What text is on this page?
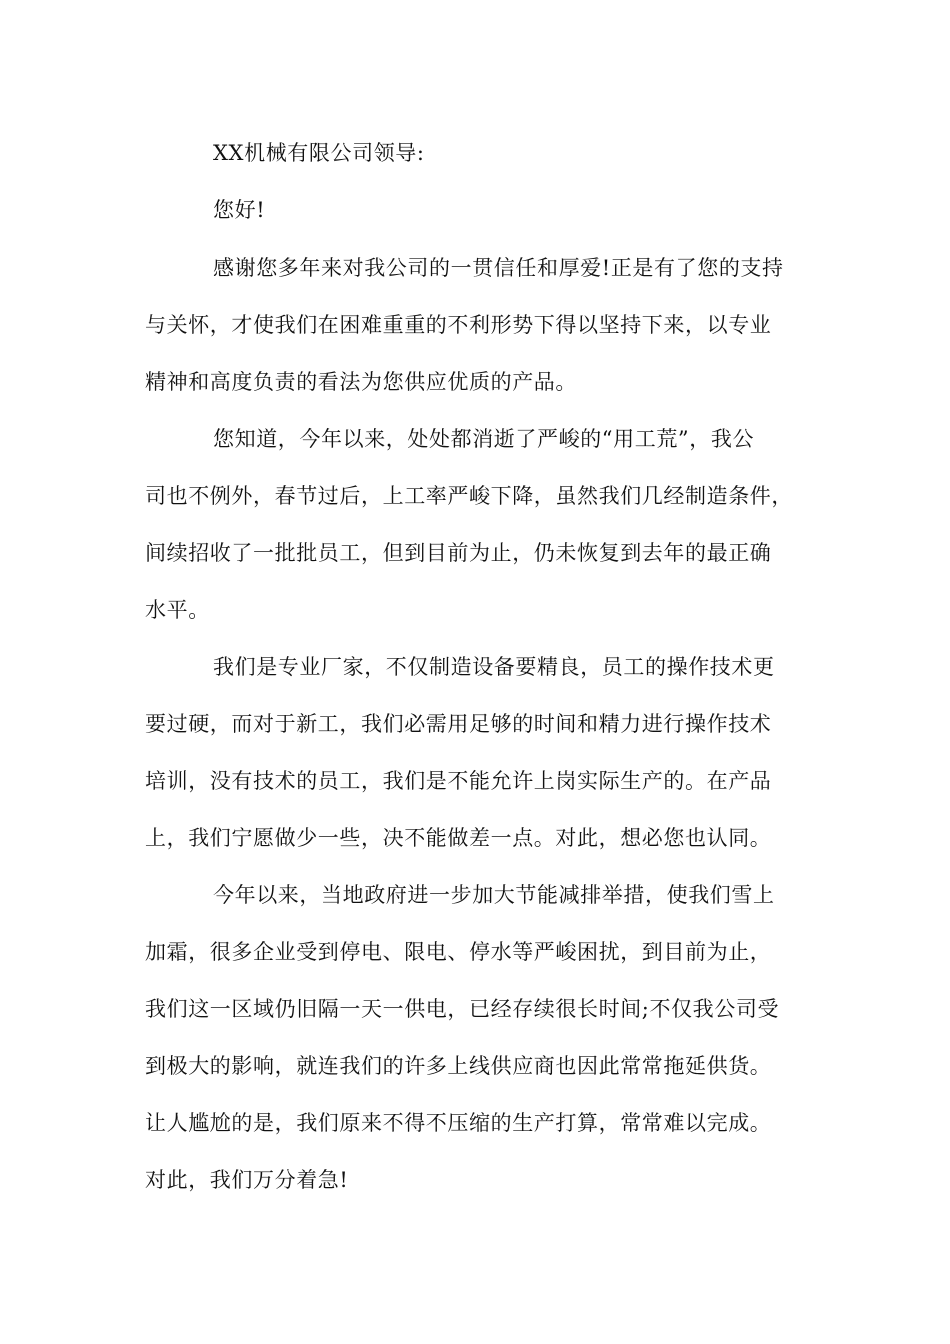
XX机械有限公司领导:
您好!
感谢您多年来对我公司的一贯信任和厚爱!正是有了您的支持
与关怀，才使我们在困难重重的不利形势下得以坚持下来，以专业
精神和高度负责的看法为您供应优质的产品。
您知道，今年以来，处处都消逝了严峻的“用工荒”，我公
司也不例外，春节过后，上工率严峻下降，虽然我们几经制造条件，
间续招收了一批批员工，但到目前为止，仍未恢复到去年的最正确
水平。
我们是专业厂家，不仅制造设备要精良，员工的操作技术更
要过硬，而对于新工，我们必需用足够的时间和精力进行操作技术
培训，没有技术的员工，我们是不能允许上岗实际生产的。在产品
上，我们宁愿做少一些，决不能做差一点。对此，想必您也认同。
今年以来，当地政府进一步加大节能减排举措，使我们雪上
加霜，很多企业受到停电、限电、停水等严峻困扰，到目前为止，
我们这一区域仍旧隔一天一供电，已经存续很长时间;不仅我公司受
到极大的影响，就连我们的许多上线供应商也因此常常拖延供货。
让人尴尬的是，我们原来不得不压缩的生产打算，常常难以完成。
对此，我们万分着急!
